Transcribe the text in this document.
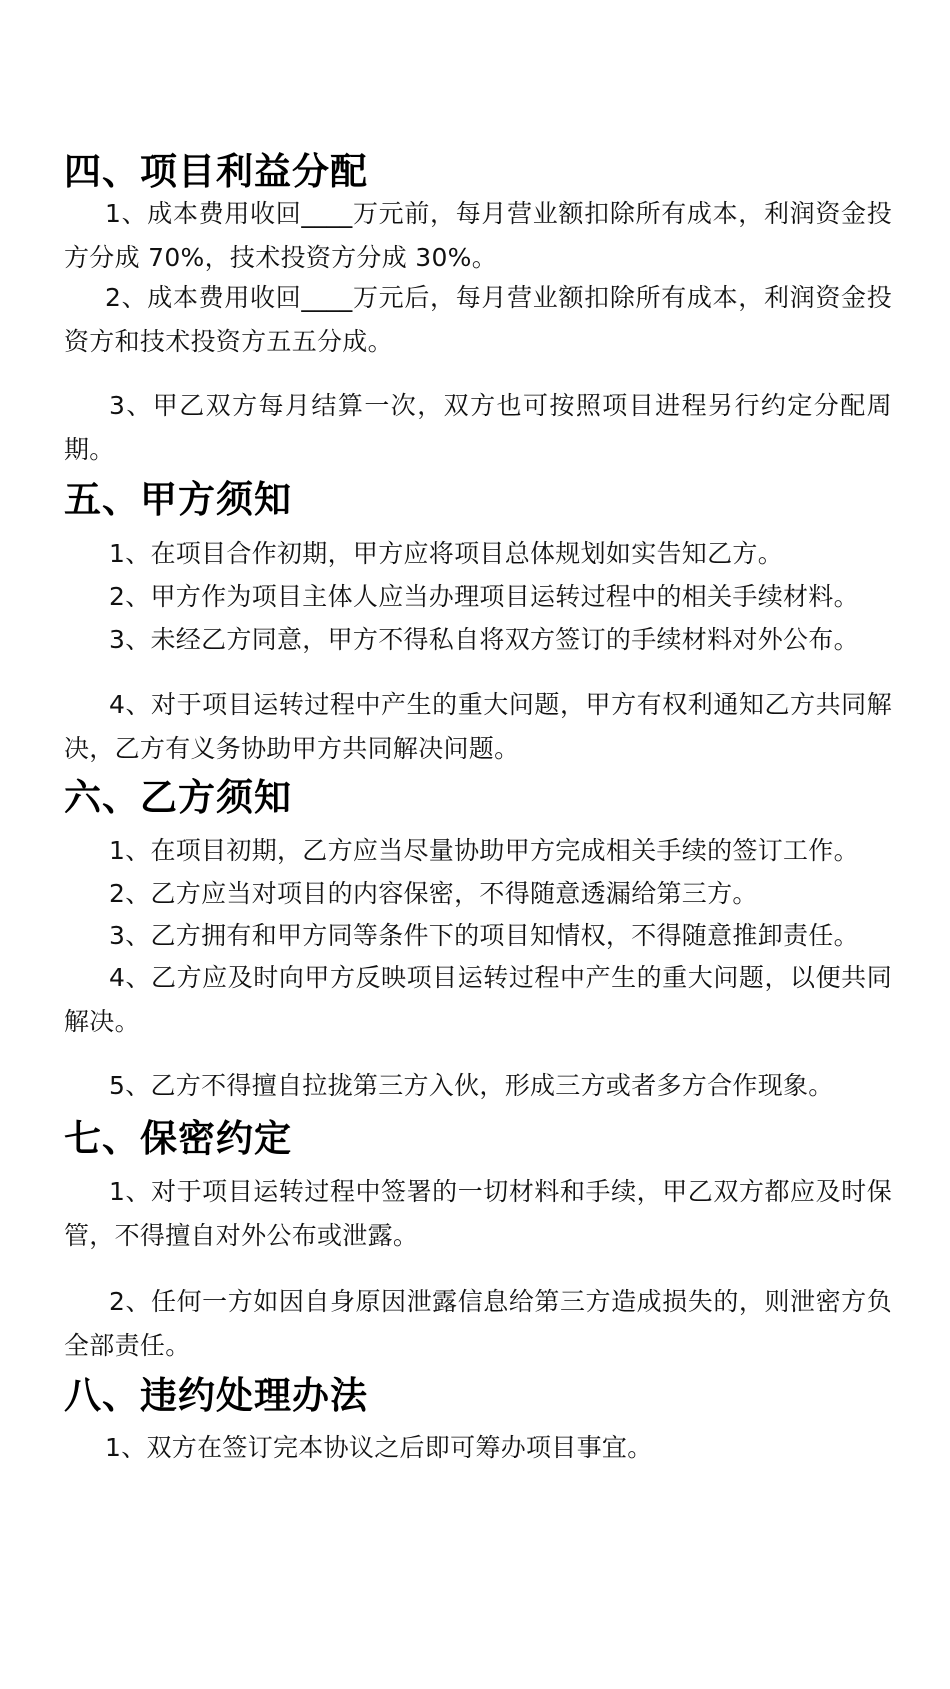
四、项目利益分配

1、成本费用收回____万元前，每月营业额扣除所有成本，利润资金投方分成 70%，技术投资方分成 30%。

2、成本费用收回____万元后，每月营业额扣除所有成本，利润资金投资方和技术投资方五五分成。

3、甲乙双方每月结算一次，双方也可按照项目进程另行约定分配周期。

五、甲方须知

1、在项目合作初期，甲方应将项目总体规划如实告知乙方。

2、甲方作为项目主体人应当办理项目运转过程中的相关手续材料。

3、未经乙方同意，甲方不得私自将双方签订的手续材料对外公布。

4、对于项目运转过程中产生的重大问题，甲方有权利通知乙方共同解决，乙方有义务协助甲方共同解决问题。

六、乙方须知

1、在项目初期，乙方应当尽量协助甲方完成相关手续的签订工作。

2、乙方应当对项目的内容保密，不得随意透漏给第三方。

3、乙方拥有和甲方同等条件下的项目知情权，不得随意推卸责任。

4、乙方应及时向甲方反映项目运转过程中产生的重大问题，以便共同解决。

5、乙方不得擅自拉拢第三方入伙，形成三方或者多方合作现象。

七、保密约定

1、对于项目运转过程中签署的一切材料和手续，甲乙双方都应及时保管，不得擅自对外公布或泄露。

2、任何一方如因自身原因泄露信息给第三方造成损失的，则泄密方负全部责任。

八、违约处理办法

1、双方在签订完本协议之后即可筹办项目事宜。
